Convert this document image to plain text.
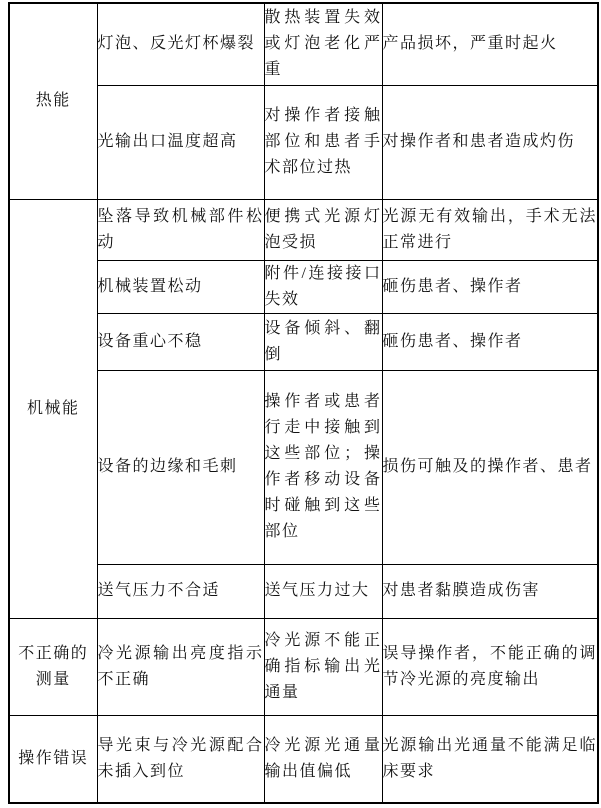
热能	灯泡、反光灯杯爆裂	散热装置失效或灯泡老化严重	产品损坏，严重时起火
	光输出口温度超高	对操作者接触部位和患者手术部位过热	对操作者和患者造成灼伤
机械能	坠落导致机械部件松动	便携式光源灯泡受损	光源无有效输出，手术无法正常进行
	机械装置松动	附件/连接接口失效	砸伤患者、操作者
	设备重心不稳	设备倾斜、翻倒	砸伤患者、操作者
	设备的边缘和毛刺	操作者或患者行走中接触到这些部位；操作者移动设备时碰触到这些部位	损伤可触及的操作者、患者
	送气压力不合适	送气压力过大	对患者黏膜造成伤害
不正确的测量	冷光源输出亮度指示不正确	冷光源不能正确指标输出光通量	误导操作者，不能正确的调节冷光源的亮度输出
操作错误	导光束与冷光源配合未插入到位	冷光源光通量输出值偏低	光源输出光通量不能满足临床要求
